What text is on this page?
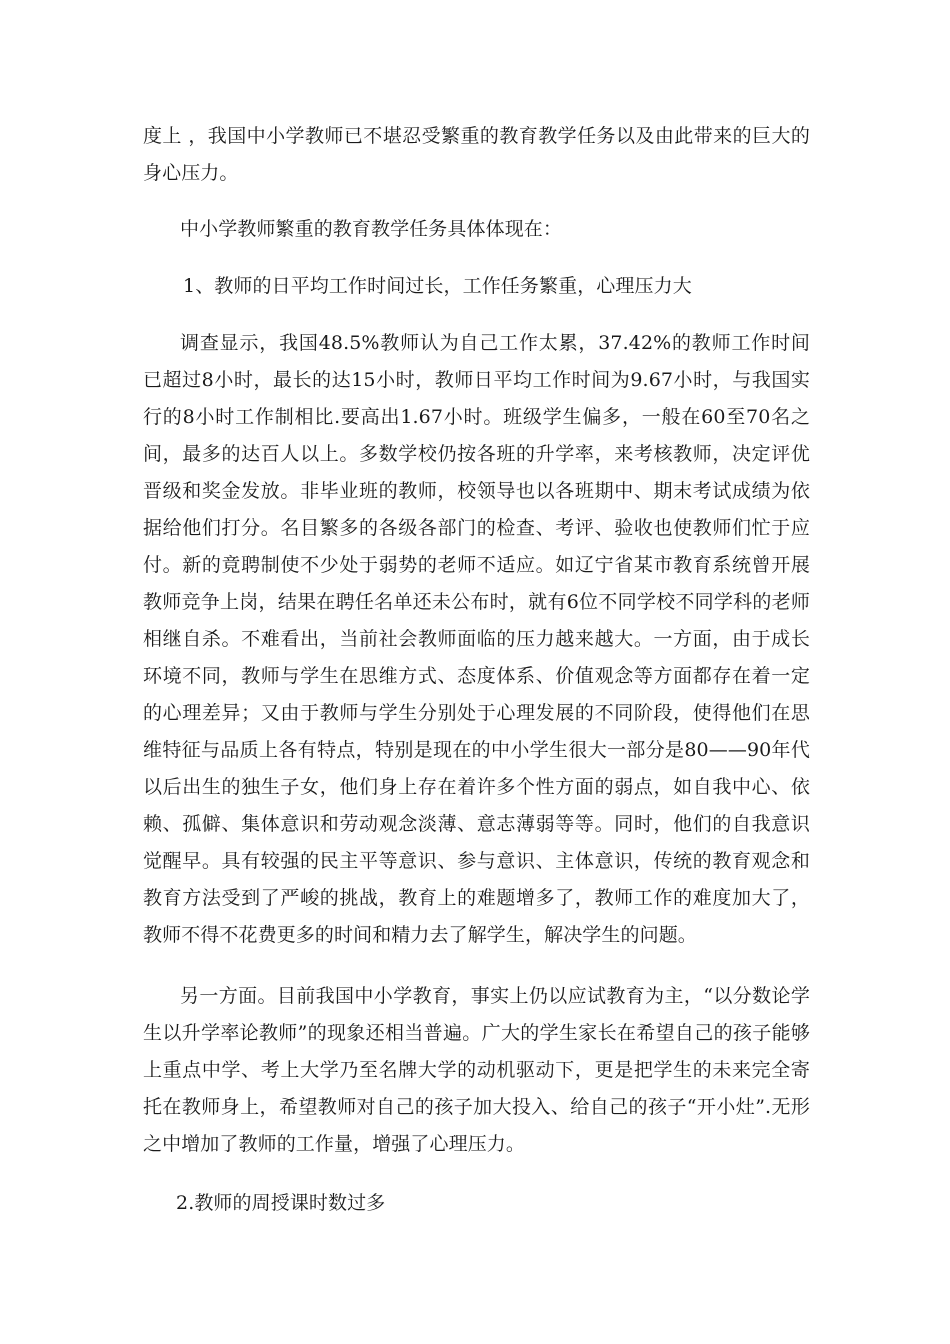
度上 ，我国中小学教师已不堪忍受繁重的教育教学任务以及由此带来的巨大的身心压力。

中小学教师繁重的教育教学任务具体体现在：

1、教师的日平均工作时间过长，工作任务繁重，心理压力大

调查显示，我国48.5%教师认为自己工作太累，37.42%的教师工作时间已超过8小时，最长的达15小时，教师日平均工作时间为9.67小时，与我国实行的8小时工作制相比.要高出1.67小时。班级学生偏多，一般在60至70名之间，最多的达百人以上。多数学校仍按各班的升学率，来考核教师，决定评优晋级和奖金发放。非毕业班的教师，校领导也以各班期中、期末考试成绩为依据给他们打分。名目繁多的各级各部门的检查、考评、验收也使教师们忙于应付。新的竟聘制使不少处于弱势的老师不适应。如辽宁省某市教育系统曾开展教师竞争上岗，结果在聘任名单还未公布时，就有6位不同学校不同学科的老师相继自杀。不难看出，当前社会教师面临的压力越来越大。一方面，由于成长环境不同，教师与学生在思维方式、态度体系、价值观念等方面都存在着一定的心理差异；又由于教师与学生分别处于心理发展的不同阶段，使得他们在思维特征与品质上各有特点，特别是现在的中小学生很大一部分是80——90年代以后出生的独生子女，他们身上存在着许多个性方面的弱点，如自我中心、依赖、孤僻、集体意识和劳动观念淡薄、意志薄弱等等。同时，他们的自我意识觉醒早。具有较强的民主平等意识、参与意识、主体意识，传统的教育观念和教育方法受到了严峻的挑战，教育上的难题增多了，教师工作的难度加大了，教师不得不花费更多的时间和精力去了解学生，解决学生的问题。

另一方面。目前我国中小学教育，事实上仍以应试教育为主，“以分数论学生以升学率论教师”的现象还相当普遍。广大的学生家长在希望自己的孩子能够上重点中学、考上大学乃至名牌大学的动机驱动下，更是把学生的未来完全寄托在教师身上，希望教师对自己的孩子加大投入、给自己的孩子“开小灶”.无形之中增加了教师的工作量，增强了心理压力。

2.教师的周授课时数过多
